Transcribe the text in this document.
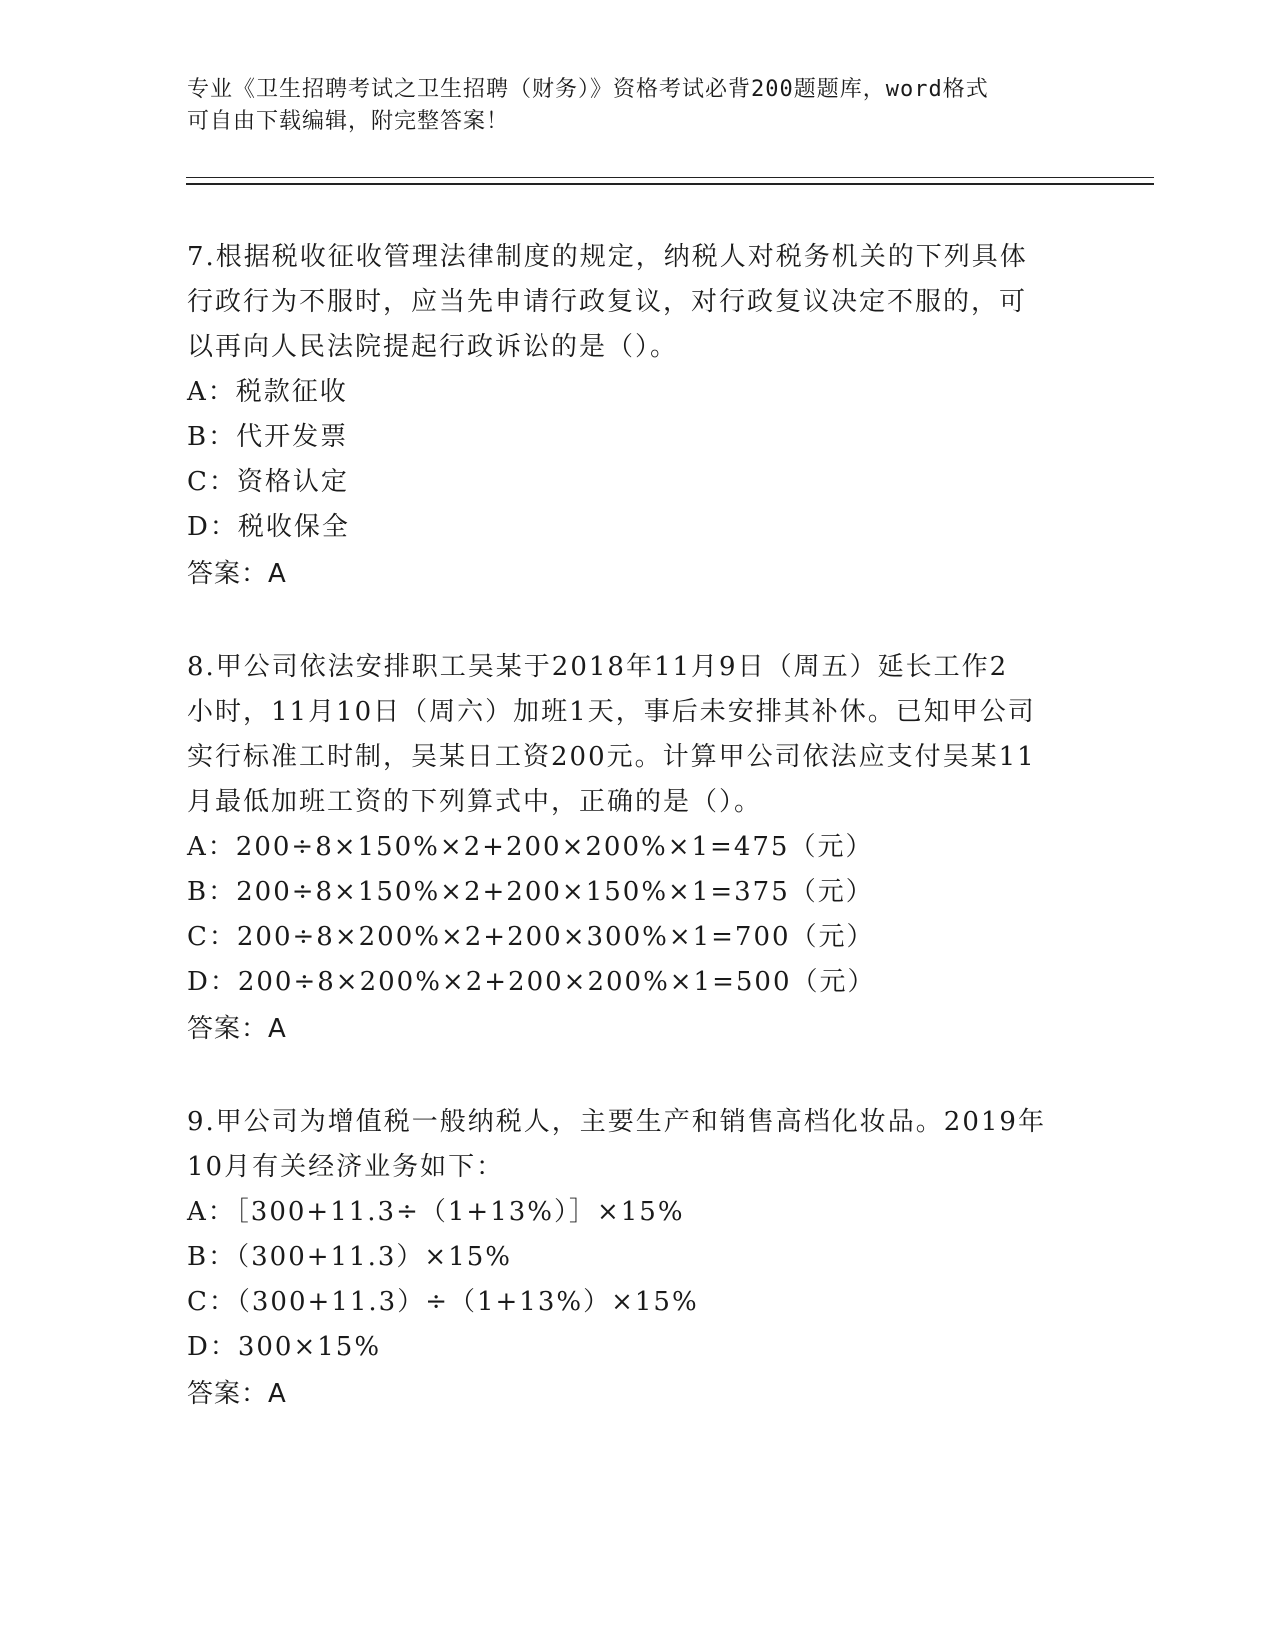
专业《卫生招聘考试之卫生招聘（财务）》资格考试必背200题题库，word格式
可自由下载编辑，附完整答案！
7.根据税收征收管理法律制度的规定，纳税人对税务机关的下列具体
行政行为不服时，应当先申请行政复议，对行政复议决定不服的，可
以再向人民法院提起行政诉讼的是（）。
A：税款征收
B：代开发票
C：资格认定
D：税收保全
答案：A
8.甲公司依法安排职工吴某于2018年11月9日（周五）延长工作2
小时，11月10日（周六）加班1天，事后未安排其补休。已知甲公司
实行标准工时制，吴某日工资200元。计算甲公司依法应支付吴某11
月最低加班工资的下列算式中，正确的是（）。
A：200÷8×150%×2+200×200%×1=475（元）
B：200÷8×150%×2+200×150%×1=375（元）
C：200÷8×200%×2+200×300%×1=700（元）
D：200÷8×200%×2+200×200%×1=500（元）
答案：A
9.甲公司为增值税一般纳税人，主要生产和销售高档化妆品。2019年
10月有关经济业务如下：
A：［300+11.3÷（1+13%）］×15%
B：（300+11.3）×15%
C：（300+11.3）÷（1+13%）×15%
D：300×15%
答案：A
